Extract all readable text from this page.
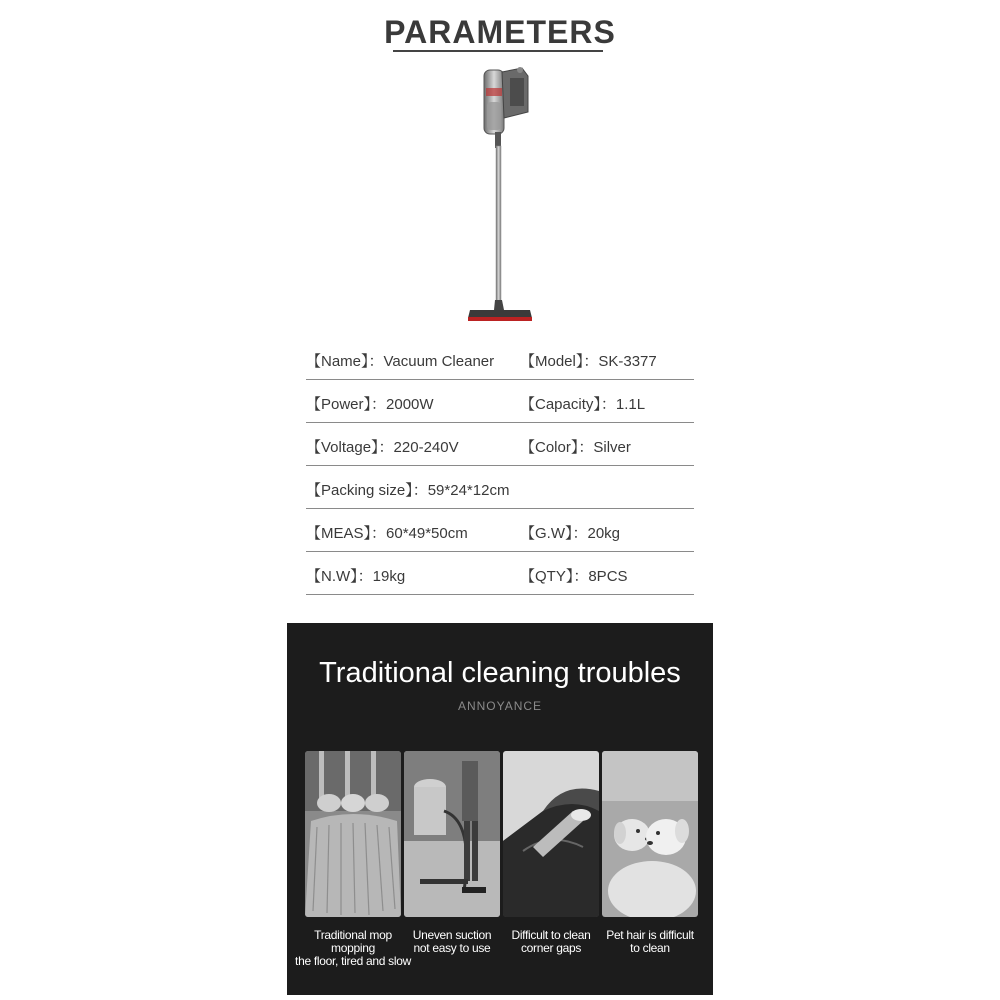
PARAMETERS
【Name】：Vacuum Cleaner 【Model】：SK-3377
【Power】：2000W	【Capacity】：1.1L
【Voltage】：220-240V	【Color】：Silver
【Packing size】：59*24*12cm
【MEAS】：60*49*50cm	【G.W】：20kg
【N.W】：19kg	【QTY】：8PCS
Traditional cleaning troubles
ANNOYANCE
Traditional mop
mopping
the floor, tired and slow
Uneven suction
not easy to use
Difficult to clean
corner gaps
Pet hair is difficult
to clean
